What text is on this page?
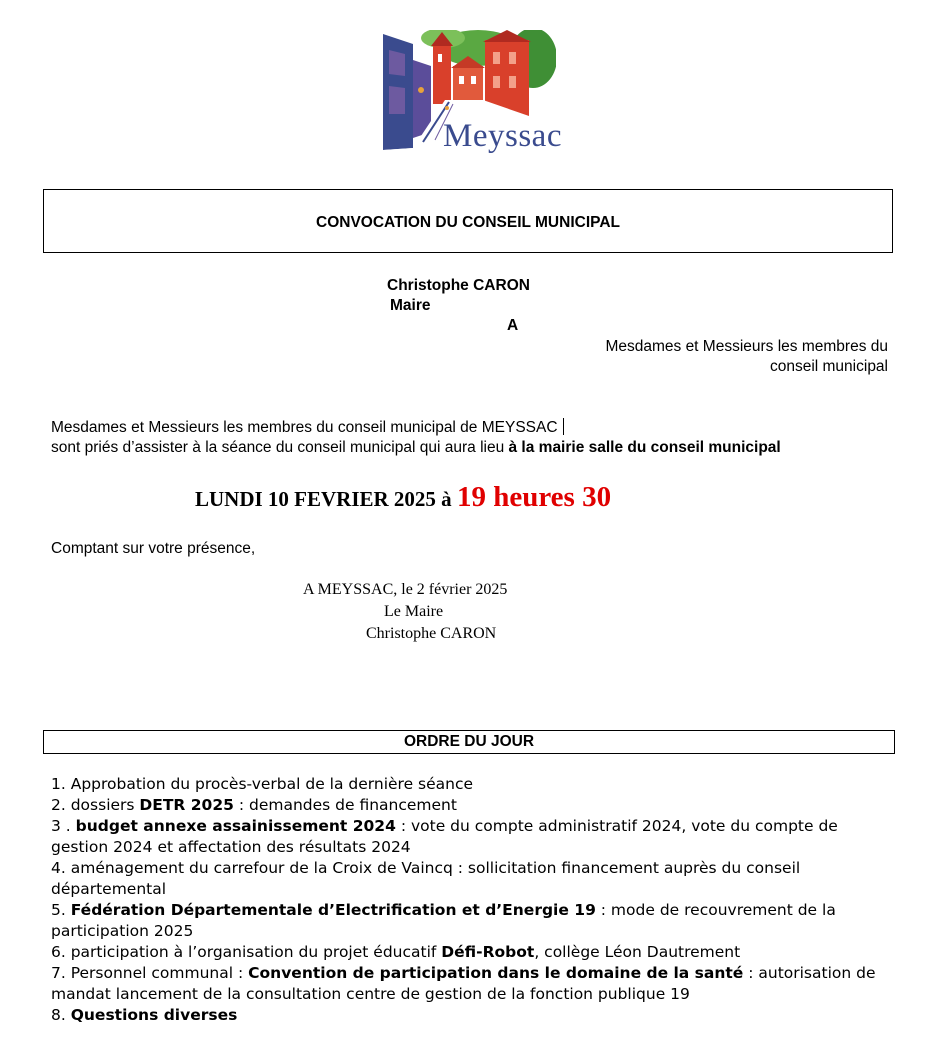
Meyssac
CONVOCATION DU CONSEIL MUNICIPAL
Christophe CARON
Maire
A
Mesdames et Messieurs les membres du
conseil municipal
Mesdames et Messieurs les membres du conseil municipal de MEYSSAC
sont priés d’assister à la séance du conseil municipal qui aura lieu à la mairie salle du conseil municipal
LUNDI 10 FEVRIER 2025 à 19 heures 30
Comptant sur votre présence,
A MEYSSAC, le 2 février 2025
Le Maire
Christophe CARON
ORDRE DU JOUR
1. Approbation du procès-verbal de la dernière séance
2. dossiers DETR 2025 : demandes de financement
3 . budget annexe assainissement 2024 : vote du compte administratif 2024, vote du compte de gestion 2024 et affectation des résultats 2024
4. aménagement du carrefour de la Croix de Vaincq : sollicitation financement auprès du conseil départemental
5. Fédération Départementale d’Electrification et d’Energie 19 : mode de recouvrement de la participation 2025
6. participation à l’organisation du projet éducatif Défi-Robot, collège Léon Dautrement
7. Personnel communal : Convention de participation dans le domaine de la santé : autorisation de mandat lancement de la consultation centre de gestion de la fonction publique 19
8. Questions diverses
